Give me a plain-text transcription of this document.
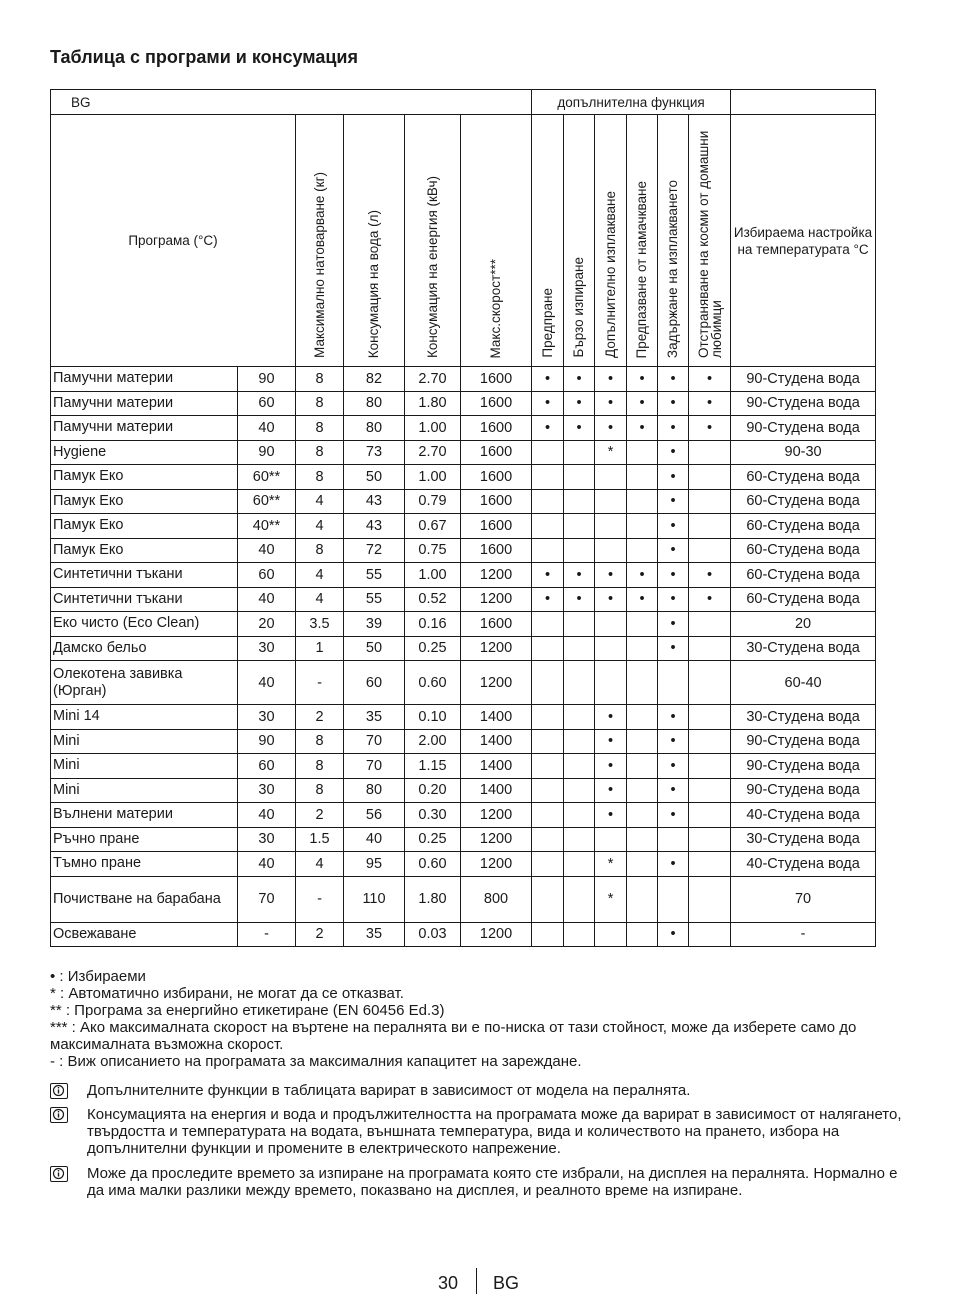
Таблица с програми и консумация
BG						допълнителна функция						
Програма (°C)		Максимално натоварване (кг)	Консумация на вода (л)	Консумация на енергия (кВч)	Макс.скорост***	Предпране	Бързо изпиране	Допълнително изплакване	Предпазване от намачкване	Задържане на изплакването	Отстраняване на косми от домашни любимци	Избираема настройка на температурата °C
Памучни материи	90	8	82	2.70	1600	•	•	•	•	•	•	90-Студена вода
Памучни материи	60	8	80	1.80	1600	•	•	•	•	•	•	90-Студена вода
Памучни материи	40	8	80	1.00	1600	•	•	•	•	•	•	90-Студена вода
Hygiene	90	8	73	2.70	1600			*		•		90-30
Памук Еко	60**	8	50	1.00	1600					•		60-Студена вода
Памук Еко	60**	4	43	0.79	1600					•		60-Студена вода
Памук Еко	40**	4	43	0.67	1600					•		60-Студена вода
Памук Еко	40	8	72	0.75	1600					•		60-Студена вода
Синтетични тъкани	60	4	55	1.00	1200	•	•	•	•	•	•	60-Студена вода
Синтетични тъкани	40	4	55	0.52	1200	•	•	•	•	•	•	60-Студена вода
Еко чисто (Eco Clean)	20	3.5	39	0.16	1600					•		20
Дамско бельо	30	1	50	0.25	1200					•		30-Студена вода
Олекотена завивка (Юрган)	40	-	60	0.60	1200							60-40
Mini 14	30	2	35	0.10	1400			•		•		30-Студена вода
Mini	90	8	70	2.00	1400			•		•		90-Студена вода
Mini	60	8	70	1.15	1400			•		•		90-Студена вода
Mini	30	8	80	0.20	1400			•		•		90-Студена вода
Вълнени материи	40	2	56	0.30	1200			•		•		40-Студена вода
Ръчно пране	30	1.5	40	0.25	1200							30-Студена вода
Тъмно пране	40	4	95	0.60	1200			*		•		40-Студена вода
Почистване на барабана	70	-	110	1.80	800			*				70
Освежаване	-	2	35	0.03	1200					•		-

• : Избираеми

* : Автоматично избирани, не могат да се отказват.

** : Програма за енергийно етикетиране (EN 60456 Ed.3)

*** : Ако максималната скорост на въртене на пералнята ви е по-ниска от тази стойност, може да изберете само до максималната възможна скорост.

- : Виж описанието на програмата за максималния капацитет на зареждане.

Допълнителните функции в таблицата варират в зависимост от модела на пералнята.
Консумацията на енергия и вода и продължителността на програмата може да варират в зависимост от налягането, твърдостта и температурата на водата, външната температура, вида и количеството на прането, избора на допълнителни функции и промените в електрическото напрежение.
Може да проследите времето за изпиране на програмата която сте избрали, на дисплея на пералнята. Нормално е да има малки разлики между времето, показвано на дисплея, и реалното време на изпиране.
30 BG
